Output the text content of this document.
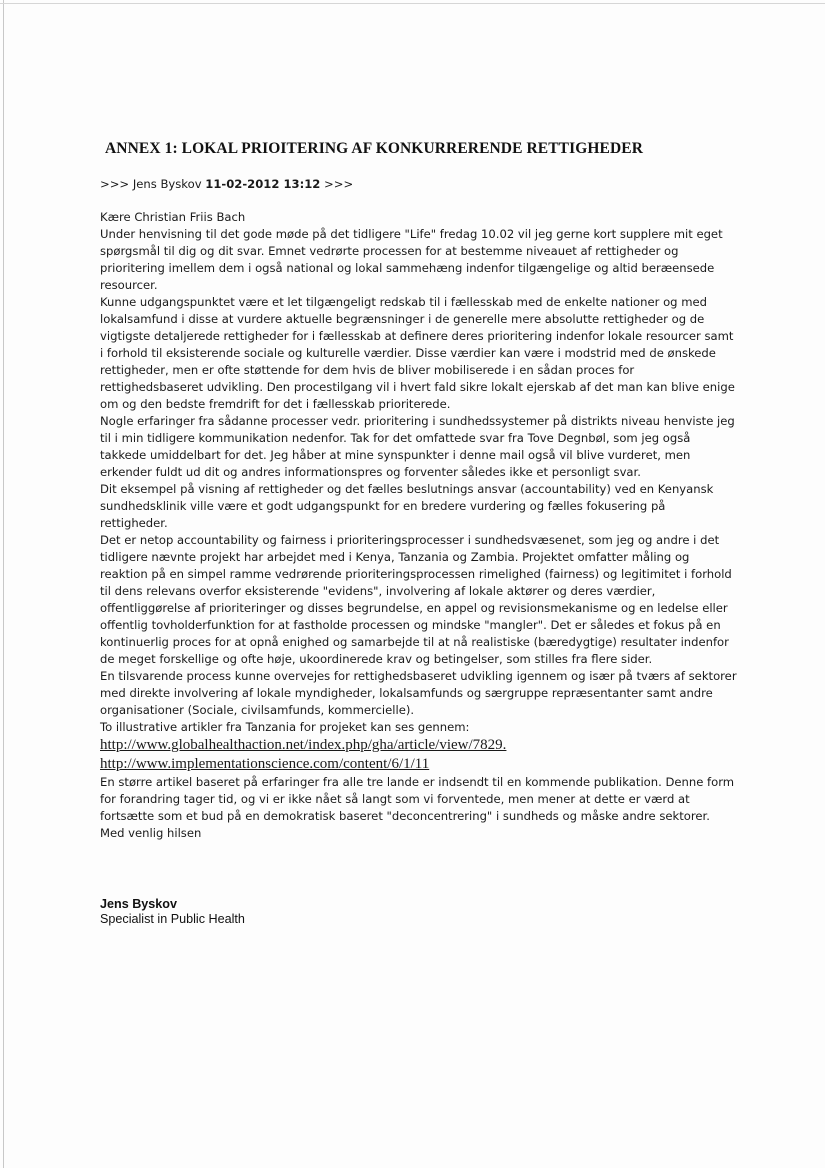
ANNEX 1: LOKAL PRIOITERING AF KONKURRERENDE RETTIGHEDER
>>> Jens Byskov 11-02-2012 13:12 >>>
Kære Christian Friis Bach
Under henvisning til det gode møde på det tidligere "Life" fredag 10.02 vil jeg gerne kort supplere mit eget
spørgsmål til dig og dit svar. Emnet vedrørte processen for at bestemme niveauet af rettigheder og
prioritering imellem dem i også national og lokal sammehæng indenfor tilgængelige og altid beræensede
resourcer.
Kunne udgangspunktet være et let tilgængeligt redskab til i fællesskab med de enkelte nationer og med
lokalsamfund i disse at vurdere aktuelle begrænsninger i de generelle mere absolutte rettigheder og de
vigtigste detaljerede rettigheder for i fællesskab at definere deres prioritering indenfor lokale resourcer samt
i forhold til eksisterende sociale og kulturelle værdier. Disse værdier kan være i modstrid med de ønskede
rettigheder, men er ofte støttende for dem hvis de bliver mobiliserede i en sådan proces for
rettighedsbaseret udvikling. Den procestilgang vil i hvert fald sikre lokalt ejerskab af det man kan blive enige
om og den bedste fremdrift for det i fællesskab prioriterede.
Nogle erfaringer fra sådanne processer vedr. prioritering i sundhedssystemer på distrikts niveau henviste jeg
til i min tidligere kommunikation nedenfor. Tak for det omfattede svar fra Tove Degnbøl, som jeg også
takkede umiddelbart for det. Jeg håber at mine synspunkter i denne mail også vil blive vurderet, men
erkender fuldt ud dit og andres informationspres og forventer således ikke et personligt svar.
Dit eksempel på visning af rettigheder og det fælles beslutnings ansvar (accountability) ved en Kenyansk
sundhedsklinik ville være et godt udgangspunkt for en bredere vurdering og fælles fokusering på
rettigheder.
Det er netop accountability og fairness i prioriteringsprocesser i sundhedsvæsenet, som jeg og andre i det
tidligere nævnte projekt har arbejdet med i Kenya, Tanzania og Zambia. Projektet omfatter måling og
reaktion på en simpel ramme vedrørende prioriteringsprocessen rimelighed (fairness) og legitimitet i forhold
til dens relevans overfor eksisterende "evidens", involvering af lokale aktører og deres værdier,
offentliggørelse af prioriteringer og disses begrundelse, en appel og revisionsmekanisme og en ledelse eller
offentlig tovholderfunktion for at fastholde processen og mindske "mangler". Det er således et fokus på en
kontinuerlig proces for at opnå enighed og samarbejde til at nå realistiske (bæredygtige) resultater indenfor
de meget forskellige og ofte høje, ukoordinerede krav og betingelser, som stilles fra flere sider.
En tilsvarende process kunne overvejes for rettighedsbaseret udvikling igennem og især på tværs af sektorer
med direkte involvering af lokale myndigheder, lokalsamfunds og særgruppe repræsentanter samt andre
organisationer (Sociale, civilsamfunds, kommercielle).
To illustrative artikler fra Tanzania for projeket kan ses gennem:
http://www.globalhealthaction.net/index.php/gha/article/view/7829.
http://www.implementationscience.com/content/6/1/11
En større artikel baseret på erfaringer fra alle tre lande er indsendt til en kommende publikation. Denne form
for forandring tager tid, og vi er ikke nået så langt som vi forventede, men mener at dette er værd at
fortsætte som et bud på en demokratisk baseret "deconcentrering" i sundheds og måske andre sektorer.
Med venlig hilsen
Jens Byskov
Specialist in Public Health
